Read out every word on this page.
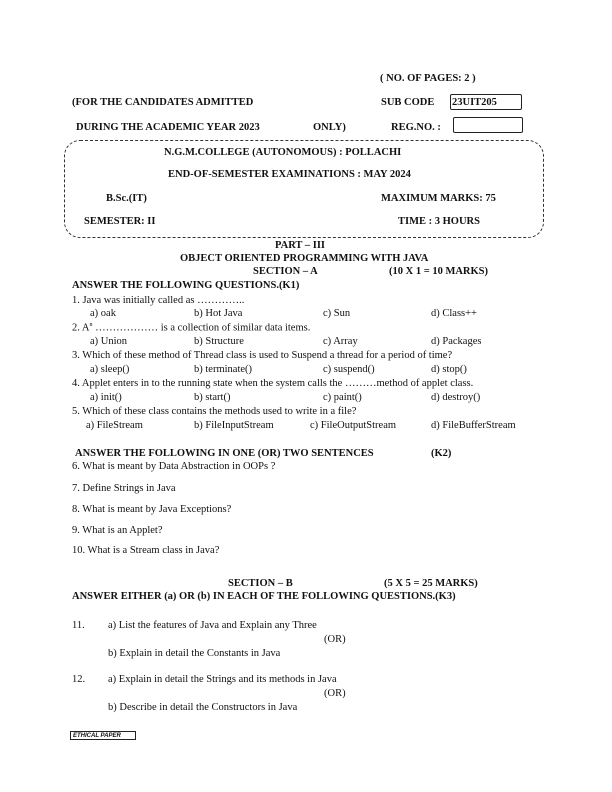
( NO. OF PAGES: 2 )
(FOR THE CANDIDATES ADMITTED	SUB CODE 23UIT205
DURING THE ACADEMIC YEAR 2023	ONLY)	REG.NO. :
N.G.M.COLLEGE (AUTONOMOUS) : POLLACHI
END-OF-SEMESTER EXAMINATIONS : MAY 2024
B.Sc.(IT)	MAXIMUM MARKS: 75
SEMESTER: II	TIME : 3 HOURS
PART – III
OBJECT ORIENTED PROGRAMMING WITH JAVA
SECTION – A	(10 X 1 = 10 MARKS)
ANSWER THE FOLLOWING QUESTIONS.(K1)
1. Java was initially called as …………..
a) oak	b) Hot Java	c) Sun	d) Class++
2. $A^n$ ……………… is a collection of similar data items.
a) Union	b) Structure	c) Array	d) Packages
3. Which of these method of Thread class is used to Suspend a thread for a period of time?
a) sleep()	b) terminate()	c) suspend()	d) stop()
4. Applet enters in to the running state when the system calls the ………method of applet class.
a) init()	b) start()	c) paint()	d) destroy()
5. Which of these class contains the methods used to write in a file?
a) FileStream	b) FileInputStream	c) FileOutputStream	d) FileBufferStream
ANSWER THE FOLLOWING IN ONE (OR) TWO SENTENCES	(K2)
6. What is meant by Data Abstraction in OOPs ?
7. Define Strings in Java
8. What is meant by Java Exceptions?
9. What is an Applet?
10. What is a Stream class in Java?
SECTION – B	(5 X 5 = 25 MARKS)
ANSWER EITHER (a) OR (b) IN EACH OF THE FOLLOWING QUESTIONS.(K3)
11. a) List the features of Java and Explain any Three
(OR)
b) Explain in detail the Constants in Java
12. a) Explain in detail the Strings and its methods in Java
(OR)
b) Describe in detail the Constructors in Java
ETHICAL PAPER
